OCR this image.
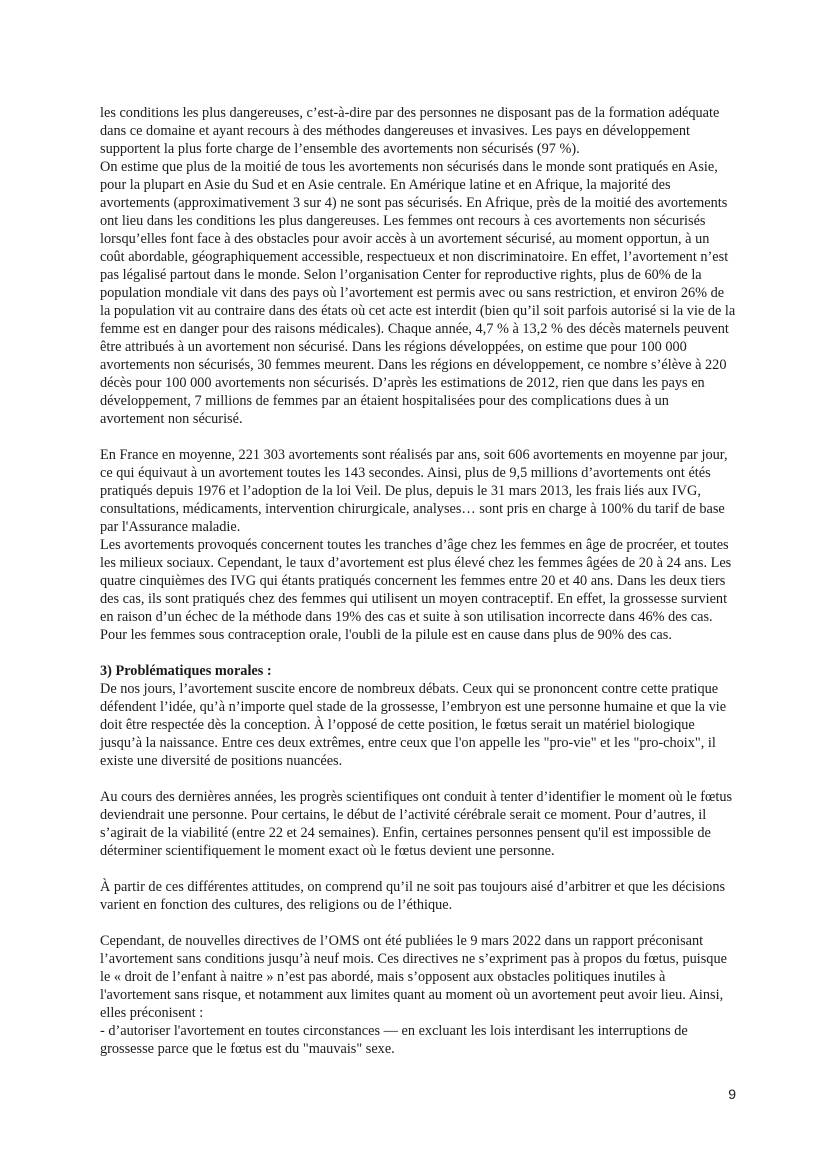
les conditions les plus dangereuses, c’est-à-dire par des personnes ne disposant pas de la formation adéquate dans ce domaine et ayant recours à des méthodes dangereuses et invasives. Les pays en développement supportent la plus forte charge de l’ensemble des avortements non sécurisés (97 %).

On estime que plus de la moitié de tous les avortements non sécurisés dans le monde sont pratiqués en Asie, pour la plupart en Asie du Sud et en Asie centrale. En Amérique latine et en Afrique, la majorité des avortements (approximativement 3 sur 4) ne sont pas sécurisés. En Afrique, près de la moitié des avortements ont lieu dans les conditions les plus dangereuses. Les femmes ont recours à ces avortements non sécurisés lorsqu’elles font face à des obstacles pour avoir accès à un avortement sécurisé, au moment opportun, à un coût abordable, géographiquement accessible, respectueux et non discriminatoire. En effet, l’avortement n’est pas légalisé partout dans le monde. Selon l’organisation Center for reproductive rights, plus de 60% de la population mondiale vit dans des pays où l’avortement est permis avec ou sans restriction, et environ 26% de la population vit au contraire dans des états où cet acte est interdit (bien qu’il soit parfois autorisé si la vie de la femme est en danger pour des raisons médicales). Chaque année, 4,7 % à 13,2 % des décès maternels peuvent être attribués à un avortement non sécurisé. Dans les régions développées, on estime que pour 100 000 avortements non sécurisés, 30 femmes meurent. Dans les régions en développement, ce nombre s’élève à 220 décès pour 100 000 avortements non sécurisés. D’après les estimations de 2012, rien que dans les pays en développement, 7 millions de femmes par an étaient hospitalisées pour des complications dues à un avortement non sécurisé.

En France en moyenne, 221 303 avortements sont réalisés par ans, soit 606 avortements en moyenne par jour, ce qui équivaut à un avortement toutes les 143 secondes. Ainsi, plus de 9,5 millions d’avortements ont étés pratiqués depuis 1976 et l’adoption de la loi Veil. De plus, depuis le 31 mars 2013, les frais liés aux IVG, consultations, médicaments, intervention chirurgicale, analyses… sont pris en charge à 100% du tarif de base par l'Assurance maladie.

Les avortements provoqués concernent toutes les tranches d’âge chez les femmes en âge de procréer, et toutes les milieux sociaux. Cependant, le taux d’avortement est plus élevé chez les femmes âgées de 20 à 24 ans. Les quatre cinquièmes des IVG qui étants pratiqués concernent les femmes entre 20 et 40 ans. Dans les deux tiers des cas, ils sont pratiqués chez des femmes qui utilisent un moyen contraceptif. En effet, la grossesse survient en raison d’un échec de la méthode dans 19% des cas et suite à son utilisation incorrecte dans 46% des cas. Pour les femmes sous contraception orale, l'oubli de la pilule est en cause dans plus de 90% des cas.

3) Problématiques morales :

De nos jours, l’avortement suscite encore de nombreux débats. Ceux qui se prononcent contre cette pratique défendent l’idée, qu’à n’importe quel stade de la grossesse, l’embryon est une personne humaine et que la vie doit être respectée dès la conception. À l’opposé de cette position, le fœtus serait un matériel biologique jusqu’à la naissance. Entre ces deux extrêmes, entre ceux que l'on appelle les "pro-vie" et les "pro-choix", il existe une diversité de positions nuancées.

Au cours des dernières années, les progrès scientifiques ont conduit à tenter d’identifier le moment où le fœtus deviendrait une personne. Pour certains, le début de l’activité cérébrale serait ce moment. Pour d’autres, il s’agirait de la viabilité (entre 22 et 24 semaines). Enfin, certaines personnes pensent qu'il est impossible de déterminer scientifiquement le moment exact où le fœtus devient une personne.

À partir de ces différentes attitudes, on comprend qu’il ne soit pas toujours aisé d’arbitrer et que les décisions varient en fonction des cultures, des religions ou de l’éthique.

Cependant, de nouvelles directives de l’OMS ont été publiées le 9 mars 2022 dans un rapport préconisant l’avortement sans conditions jusqu’à neuf mois. Ces directives ne s’expriment pas à propos du fœtus, puisque le « droit de l’enfant à naitre » n’est pas abordé, mais s’opposent aux obstacles politiques inutiles à l'avortement sans risque, et notamment aux limites quant au moment où un avortement peut avoir lieu. Ainsi, elles préconisent :

- d’autoriser l'avortement en toutes circonstances — en excluant les lois interdisant les interruptions de grossesse parce que le fœtus est du "mauvais" sexe.

9
